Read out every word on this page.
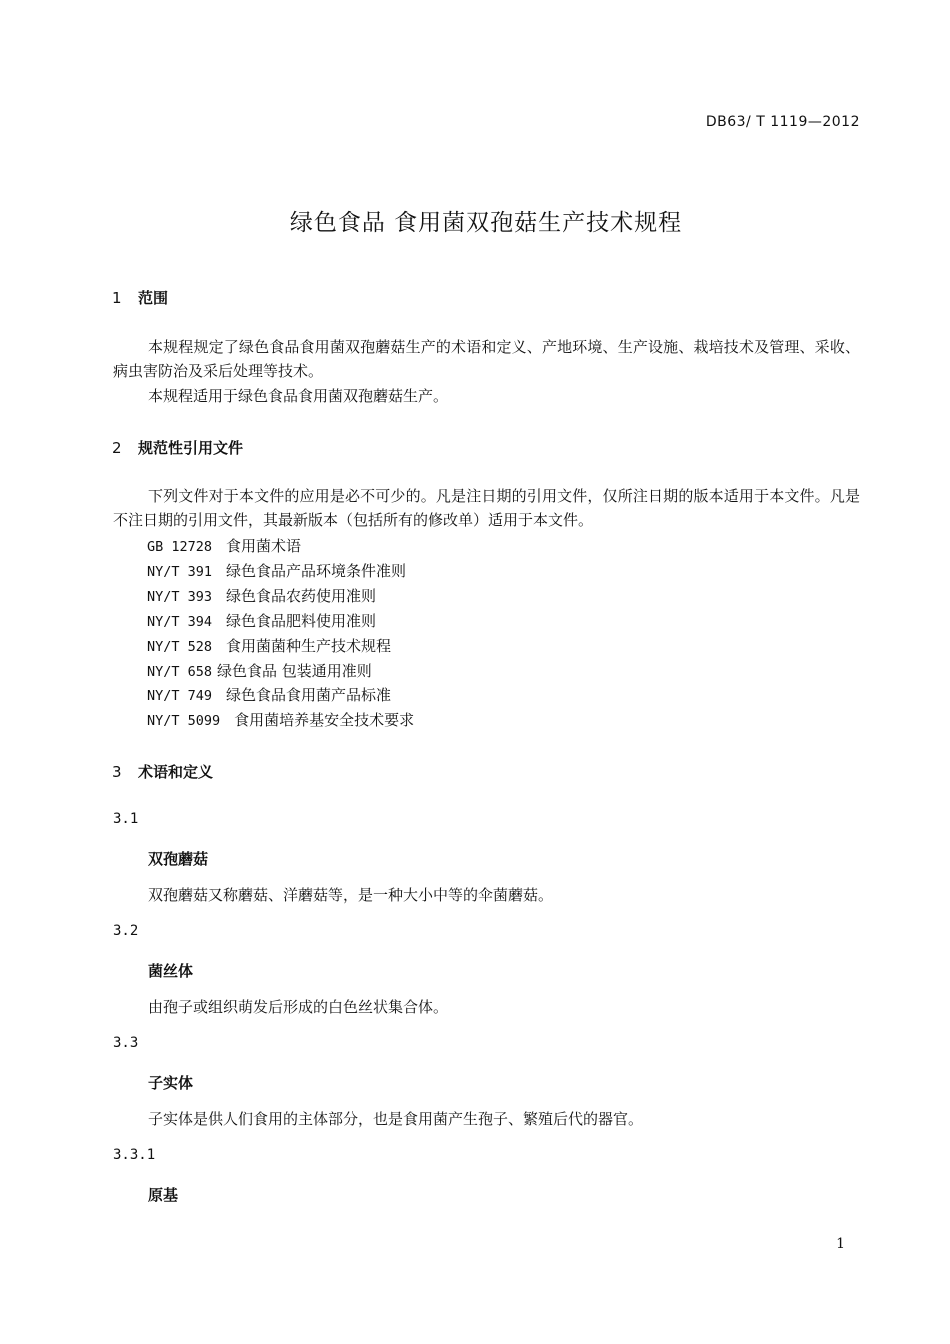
DB63/ T 1119—2012
绿色食品 食用菌双孢菇生产技术规程
1 范围
本规程规定了绿色食品食用菌双孢蘑菇生产的术语和定义、产地环境、生产设施、栽培技术及管理、采收、病虫害防治及采后处理等技术。
本规程适用于绿色食品食用菌双孢蘑菇生产。
2 规范性引用文件
下列文件对于本文件的应用是必不可少的。凡是注日期的引用文件，仅所注日期的版本适用于本文件。凡是不注日期的引用文件，其最新版本（包括所有的修改单）适用于本文件。
GB 12728 食用菌术语
NY/T 391 绿色食品产品环境条件准则
NY/T 393 绿色食品农药使用准则
NY/T 394 绿色食品肥料使用准则
NY/T 528 食用菌菌种生产技术规程
NY/T 658 绿色食品 包装通用准则
NY/T 749 绿色食品食用菌产品标准
NY/T 5099 食用菌培养基安全技术要求
3 术语和定义
3.1
双孢蘑菇
双孢蘑菇又称蘑菇、洋蘑菇等，是一种大小中等的伞菌蘑菇。
3.2
菌丝体
由孢子或组织萌发后形成的白色丝状集合体。
3.3
子实体
子实体是供人们食用的主体部分，也是食用菌产生孢子、繁殖后代的器官。
3.3.1
原基
1
